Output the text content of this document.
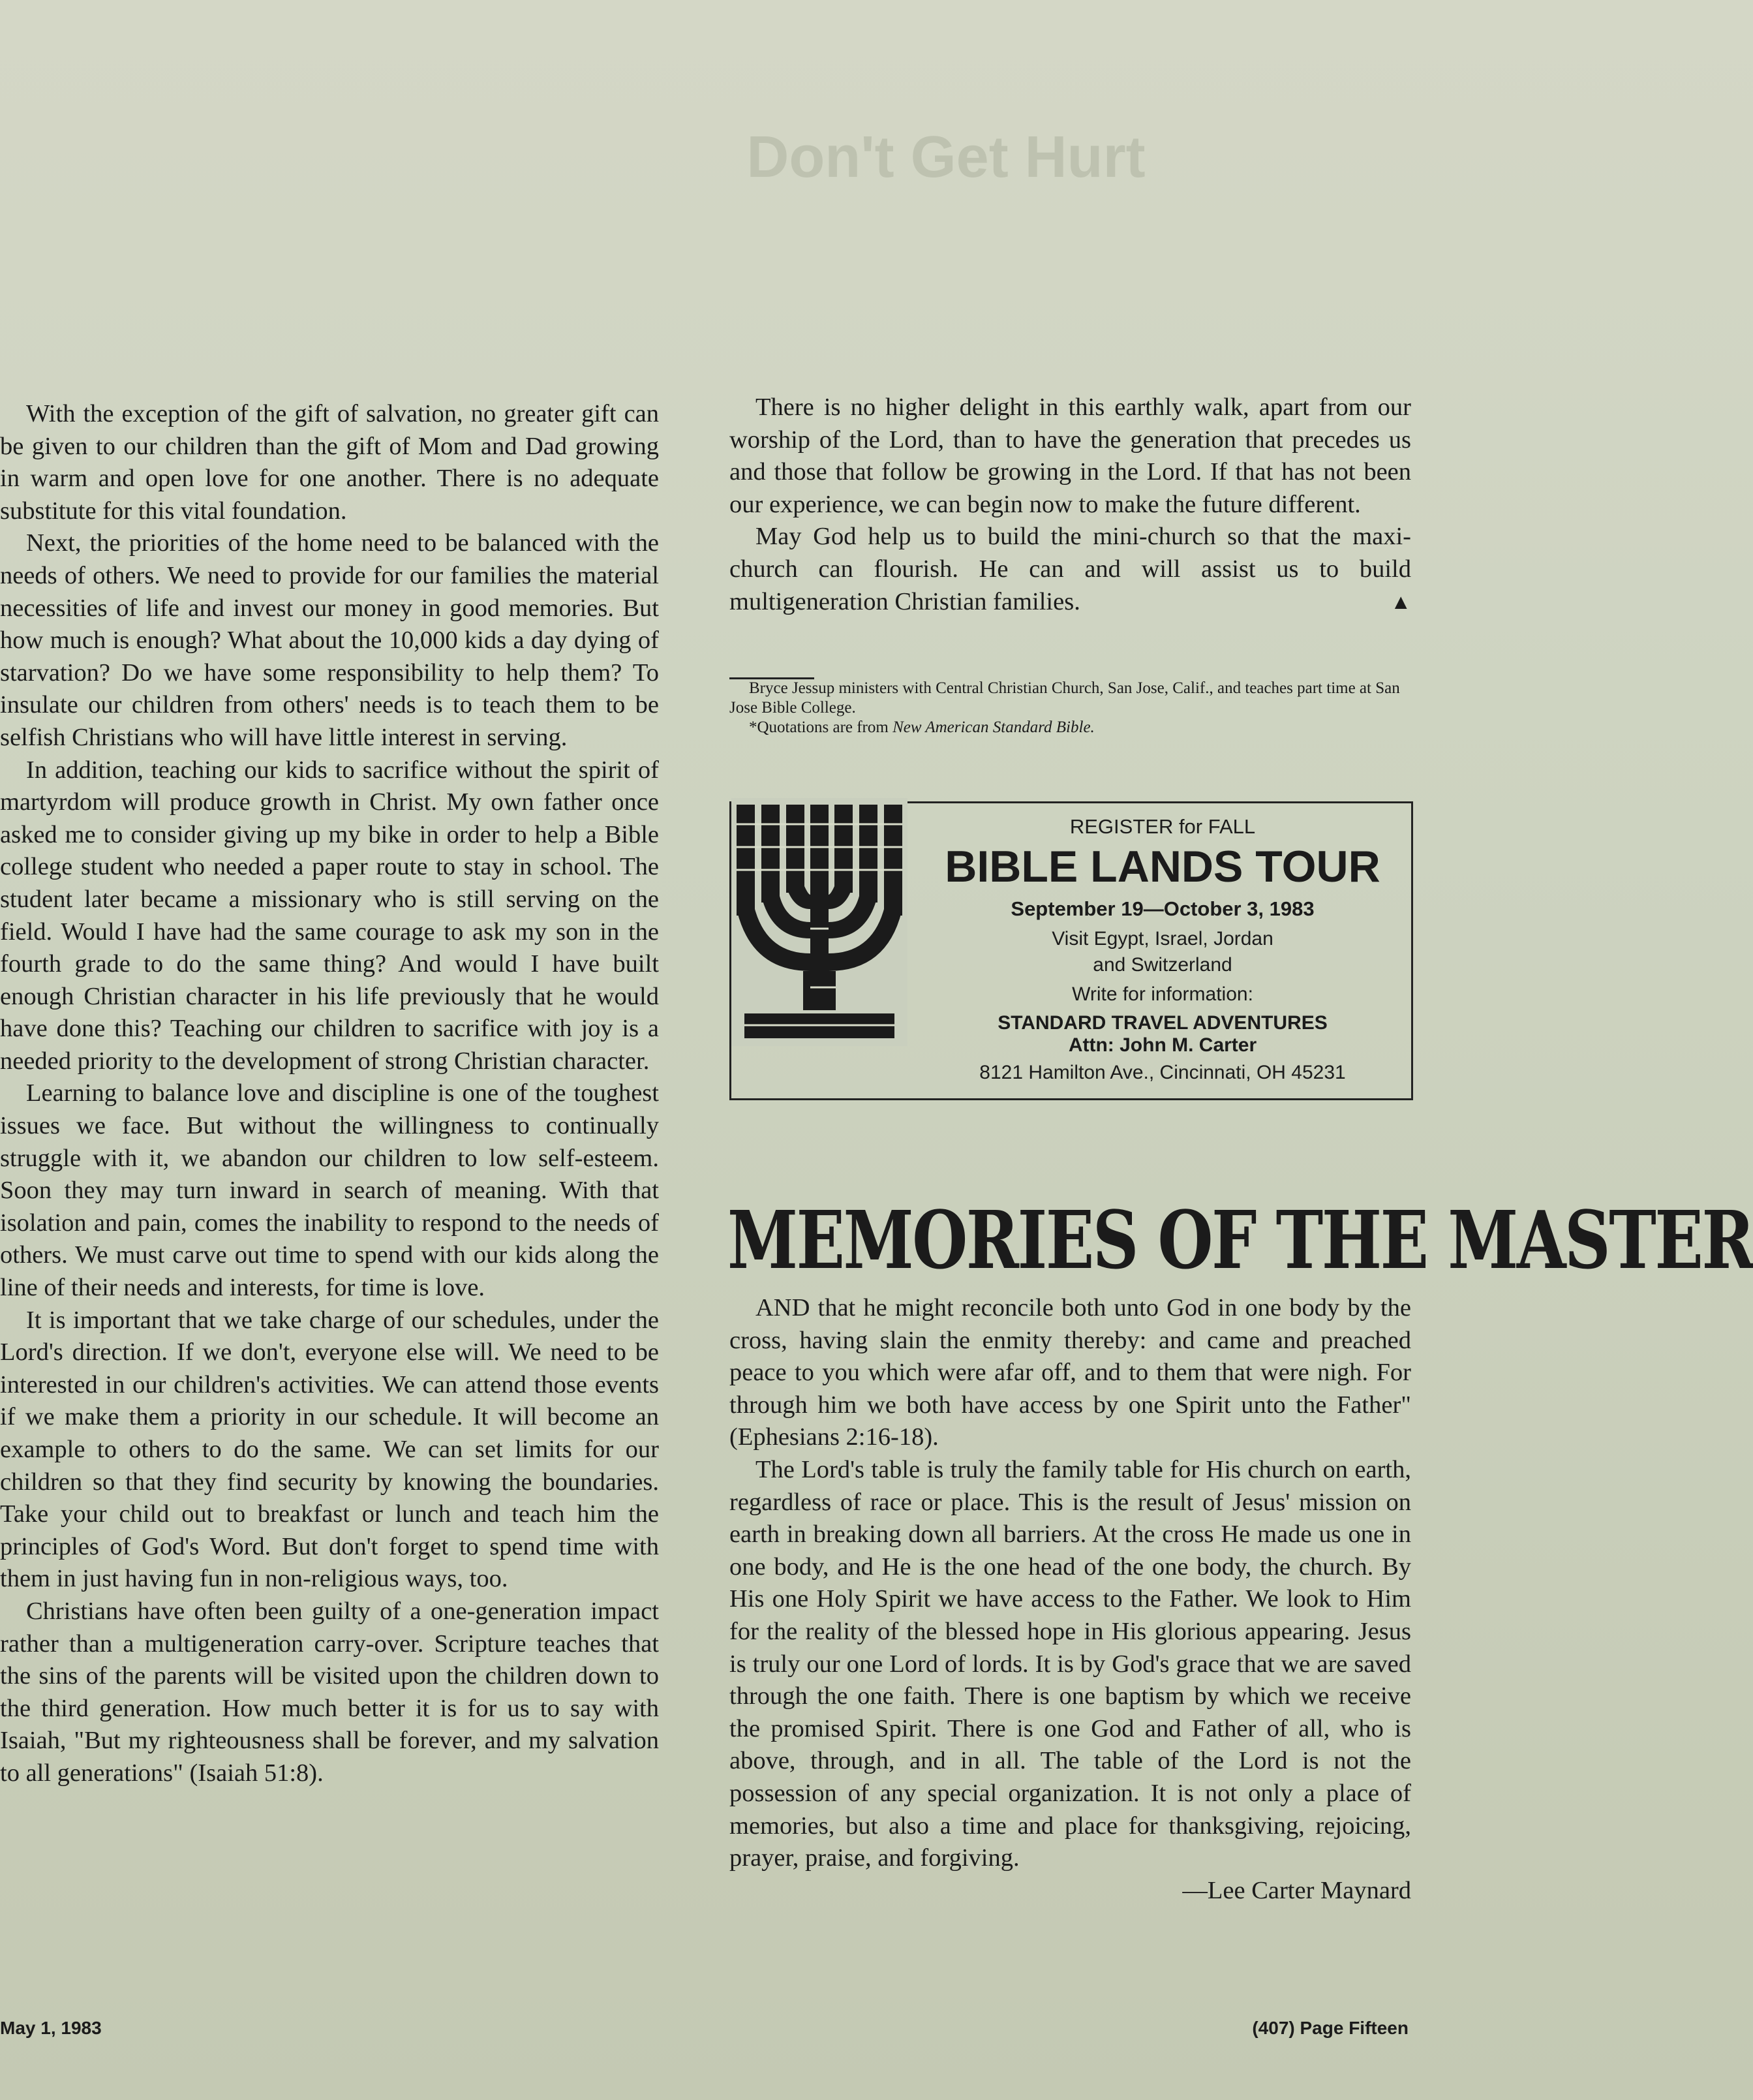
Don't Get Hurt

With the exception of the gift of salvation, no greater gift can be given to our children than the gift of Mom and Dad growing in warm and open love for one another. There is no adequate substitute for this vital foundation.

Next, the priorities of the home need to be balanced with the needs of others. We need to provide for our families the material necessities of life and invest our money in good memories. But how much is enough? What about the 10,000 kids a day dying of starvation? Do we have some responsibility to help them? To insulate our children from others' needs is to teach them to be selfish Christians who will have little interest in serving.

In addition, teaching our kids to sacrifice without the spirit of martyrdom will produce growth in Christ. My own father once asked me to consider giving up my bike in order to help a Bible college student who needed a paper route to stay in school. The student later became a missionary who is still serving on the field. Would I have had the same courage to ask my son in the fourth grade to do the same thing? And would I have built enough Christian character in his life previously that he would have done this? Teaching our children to sacrifice with joy is a needed priority to the development of strong Christian character.

Learning to balance love and discipline is one of the toughest issues we face. But without the willingness to continually struggle with it, we abandon our children to low self-esteem. Soon they may turn inward in search of meaning. With that isolation and pain, comes the inability to respond to the needs of others. We must carve out time to spend with our kids along the line of their needs and interests, for time is love.

It is important that we take charge of our schedules, under the Lord's direction. If we don't, everyone else will. We need to be interested in our children's activities. We can attend those events if we make them a priority in our schedule. It will become an example to others to do the same. We can set limits for our children so that they find security by knowing the boundaries. Take your child out to breakfast or lunch and teach him the principles of God's Word. But don't forget to spend time with them in just having fun in non-religious ways, too.

Christians have often been guilty of a one-generation impact rather than a multigeneration carry-over. Scripture teaches that the sins of the parents will be visited upon the children down to the third generation. How much better it is for us to say with Isaiah, "But my righteousness shall be forever, and my salvation to all generations" (Isaiah 51:8).

There is no higher delight in this earthly walk, apart from our worship of the Lord, than to have the generation that precedes us and those that follow be growing in the Lord. If that has not been our experience, we can begin now to make the future different.

May God help us to build the mini-church so that the maxi-church can flourish. He can and will assist us to build multigeneration Christian families.	▲

Bryce Jessup ministers with Central Christian Church, San Jose, Calif., and teaches part time at San Jose Bible College.

*Quotations are from New American Standard Bible.

REGISTER for FALL
BIBLE LANDS TOUR
September 19—October 3, 1983
Visit Egypt, Israel, Jordan
and Switzerland
Write for information:
STANDARD TRAVEL ADVENTURES
Attn: John M. Carter
8121 Hamilton Ave., Cincinnati, OH 45231
MEMORIES OF THE MASTER

AND that he might reconcile both unto God in one body by the cross, having slain the enmity thereby: and came and preached peace to you which were afar off, and to them that were nigh. For through him we both have access by one Spirit unto the Father" (Ephesians 2:16-18).

The Lord's table is truly the family table for His church on earth, regardless of race or place. This is the result of Jesus' mission on earth in breaking down all barriers. At the cross He made us one in one body, and He is the one head of the one body, the church. By His one Holy Spirit we have access to the Father. We look to Him for the reality of the blessed hope in His glorious appearing. Jesus is truly our one Lord of lords. It is by God's grace that we are saved through the one faith. There is one baptism by which we receive the promised Spirit. There is one God and Father of all, who is above, through, and in all. The table of the Lord is not the possession of any special organization. It is not only a place of memories, but also a time and place for thanksgiving, rejoicing, prayer, praise, and forgiving.

—Lee Carter Maynard
May 1, 1983	(407) Page Fifteen
